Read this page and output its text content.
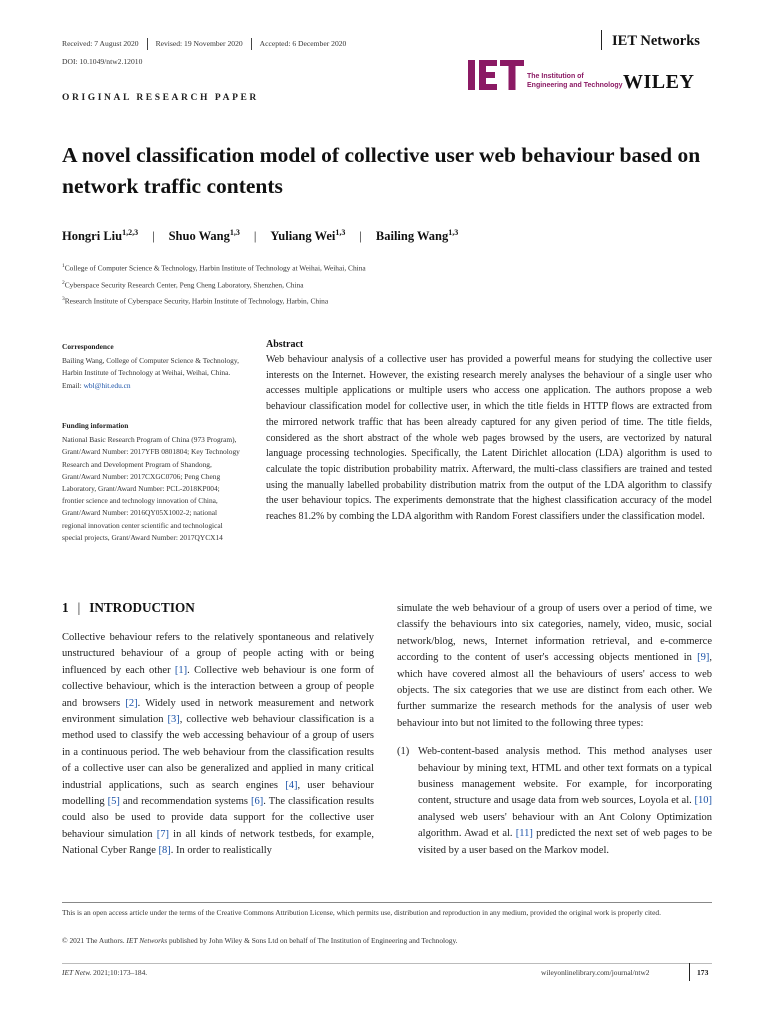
Received: 7 August 2020 Revised: 19 November 2020 Accepted: 6 December 2020
DOI: 10.1049/ntw2.12010
IET Networks
The Institution of
Engineering and Technology WILEY
ORIGINAL RESEARCH PAPER
A novel classification model of collective user web behaviour based on network traffic contents
Hongri Liu$^{1,2,3}$ | Shuo Wang$^{1,3}$ | Yuliang Wei$^{1,3}$ | Bailing Wang$^{1,3}$
$^1$College of Computer Science & Technology, Harbin Institute of Technology at Weihai, Weihai, China
$^2$Cyberspace Security Research Center, Peng Cheng Laboratory, Shenzhen, China
$^3$Research Institute of Cyberspace Security, Harbin Institute of Technology, Harbin, China
Correspondence
Bailing Wang, College of Computer Science & Technology, Harbin Institute of Technology at Weihai, Weihai, China.
Email: wbl@hit.edu.cn
Funding information
National Basic Research Program of China (973 Program), Grant/Award Number: 2017YFB 0801804; Key Technology Research and Development Program of Shandong, Grant/Award Number: 2017CXGC0706; Peng Cheng Laboratory, Grant/Award Number: PCL-2018KP004; frontier science and technology innovation of China, Grant/Award Number: 2016QY05X1002-2; national regional innovation center scientific and technological special projects, Grant/Award Number: 2017QYCX14
Abstract
Web behaviour analysis of a collective user has provided a powerful means for studying the collective user interests on the Internet. However, the existing research merely analyses the behaviour of a single user who accesses multiple applications or multiple users who access one application. The authors propose a web behaviour classification model for collective user, in which the title fields in HTTP flows are extracted from the mirrored network traffic that has been already captured for any given period of time. The title fields, considered as the short abstract of the whole web pages browsed by the users, are vectorized by natural language processing technologies. Specifically, the Latent Dirichlet allocation (LDA) algorithm is used to calculate the topic distribution probability matrix. Afterward, the multi-class classifiers are trained and tested using the manually labelled probability distribution matrix from the output of the LDA algorithm to classify the user behaviour topics. The experiments demonstrate that the highest classification accuracy of the model reaches 81.2% by combing the LDA algorithm with Random Forest classifiers under the classification model.
1 | INTRODUCTION
Collective behaviour refers to the relatively spontaneous and relatively unstructured behaviour of a group of people acting with or being influenced by each other [1]. Collective web behaviour is one form of collective behaviour, which is the interaction between a group of people and browsers [2]. Widely used in network measurement and network environment simulation [3], collective web behaviour classification is a method used to classify the web accessing behaviour of a group of users in a continuous period. The web behaviour from the classification results of a collective user can also be generalized and applied in many critical industrial applications, such as search engines [4], user behaviour modelling [5] and recommendation systems [6]. The classification results could also be used to provide data support for the collective user behaviour simulation [7] in all kinds of network testbeds, for example, National Cyber Range [8]. In order to realistically
simulate the web behaviour of a group of users over a period of time, we classify the behaviours into six categories, namely, video, music, social network/blog, news, Internet information retrieval, and e-commerce according to the content of user's accessing objects mentioned in [9], which have covered almost all the behaviours of users' access to web objects. The six categories that we use are distinct from each other. We further summarize the research methods for the analysis of user web behaviour into but not limited to the following three types:
(1) Web-content-based analysis method. This method analyses user behaviour by mining text, HTML and other text formats on a typical business management website. For example, for incorporating content, structure and usage data from web sources, Loyola et al. [10] analysed web users' behaviour with an Ant Colony Optimization algorithm. Awad et al. [11] predicted the next set of web pages to be visited by a user based on the Markov model.
This is an open access article under the terms of the Creative Commons Attribution License, which permits use, distribution and reproduction in any medium, provided the original work is properly cited.
© 2021 The Authors. IET Networks published by John Wiley & Sons Ltd on behalf of The Institution of Engineering and Technology.
IET Netw. 2021;10:173–184.	wileyonlinelibrary.com/journal/ntw2	173
